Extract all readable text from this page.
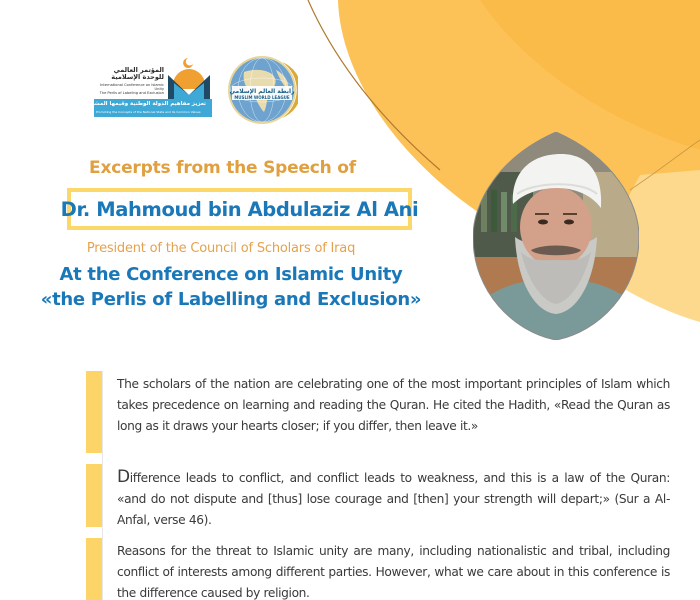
المؤتمر العالمي للوحدة الإسلامية
International Conference on Islamic Unity
The Perils of Labeling and Exclusion
تعزيز مفاهيم الدولة الوطنية وقيمها المشتركة
Promoting the Concepts of the National State and its Common Values
رابطة العالم الإسلامي
MUSLIM WORLD LEAGUE
Excerpts from the Speech of
Dr. Mahmoud bin Abdulaziz Al Ani
President of the Council of Scholars of Iraq
At the Conference on Islamic Unity
«the Perlis of Labelling and Exclusion»

The scholars of the nation are celebrating one of the most important principles of Islam which takes precedence on learning and reading the Quran. He cited the Hadith, «Read the Quran as long as it draws your hearts closer; if you differ, then leave it.»

Difference leads to conflict, and conflict leads to weakness, and this is a law of the Quran: «and do not dispute and [thus] lose courage and [then] your strength will depart;» (Sur a Al-Anfal, verse 46).

Reasons for the threat to Islamic unity are many, including nationalistic and tribal, including conflict of interests among different parties. However, what we care about in this conference is the difference caused by religion.
